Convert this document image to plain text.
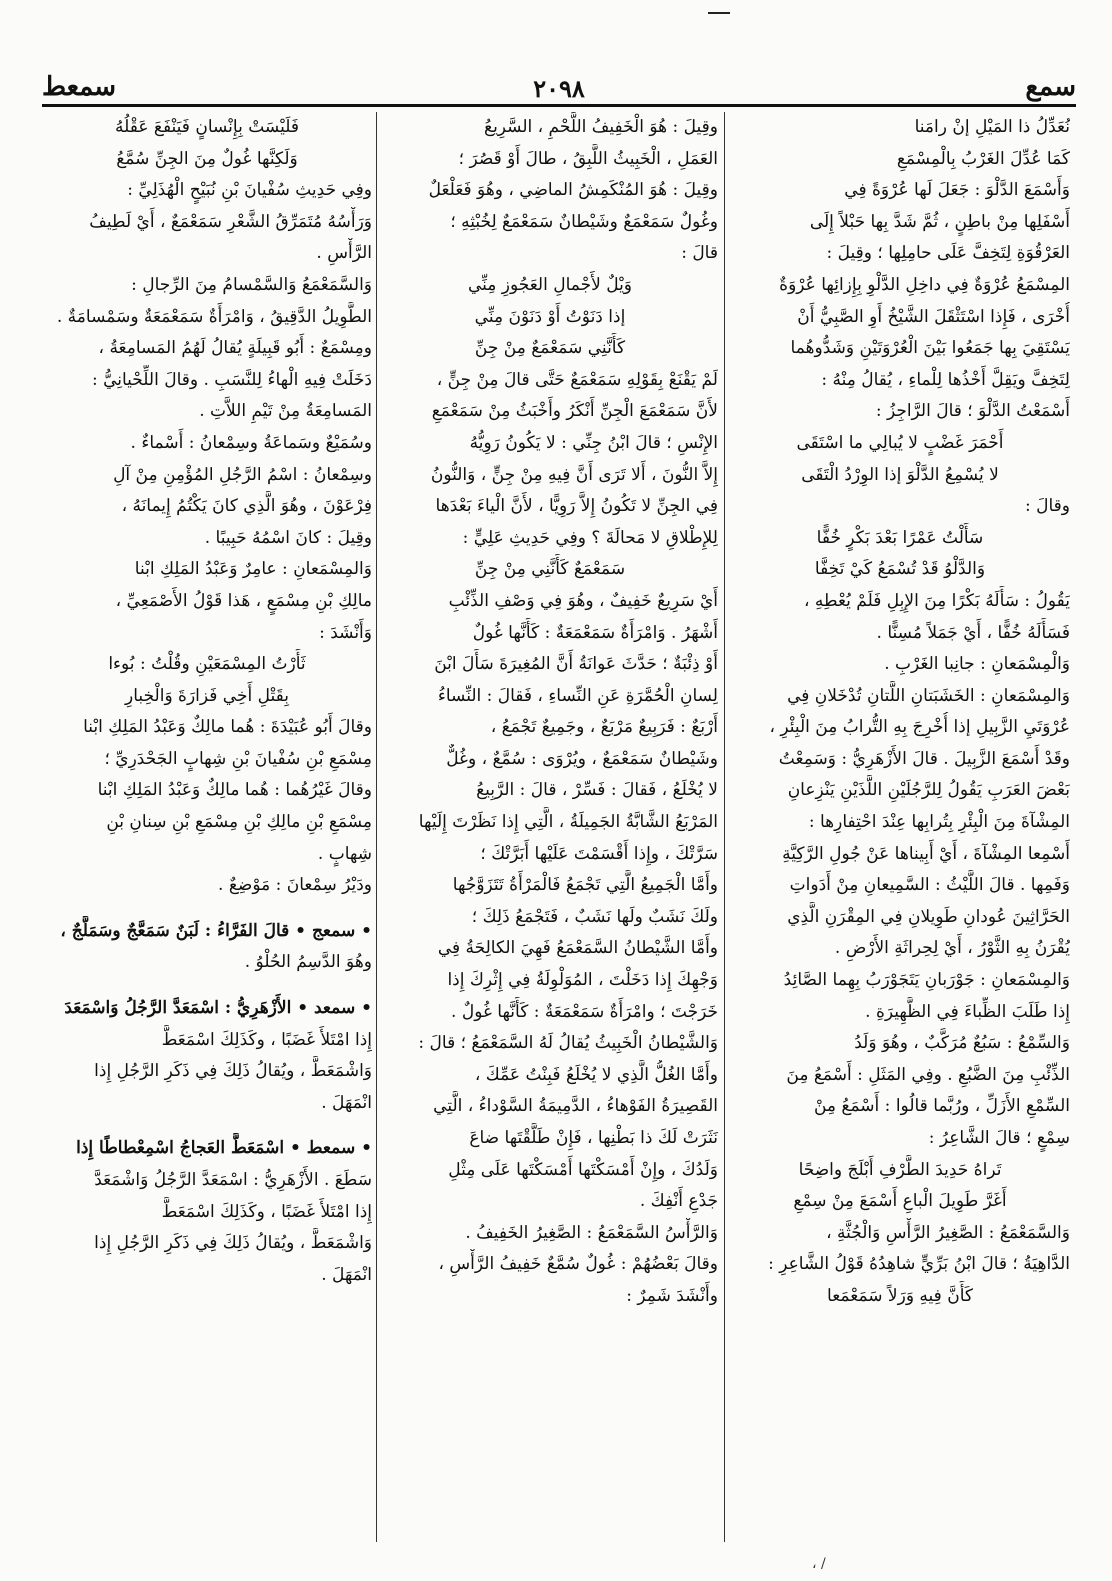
سمع
٢٠٩٨
سمعط
نُعَدِّلُ ذا المَيْلِ إنْ رامَنا
كَمَا عُدِّلَ الغَرْبُ بِالْمِسْمَعِ
وَأَسْمَعَ الدَّلْوَ : جَعَلَ لَها عُرْوَةً فِي
أَسْفَلِها مِنْ باطِنٍ ، ثُمَّ شَدَّ بِها حَبْلاً إِلَى
العَرْقُوَةِ لِتَخِفَّ عَلَى حامِلِها ؛ وقِيلَ :
المِسْمَعُ عُرْوَةٌ فِي داخِلِ الدَّلْوِ بِإِزائِها عُرْوَةٌ
أُخْرَى ، فَإِذا اسْتَثْقَلَ الشَّيْخُ أَوِ الصَّبِيُّ أَنْ
يَسْتَقِيَ بِها جَمَعُوا بَيْنَ الْعُرْوَتَيْنِ وَشَدُّوهُما
لِتَخِفَّ ويَقِلَّ أَخْذُها لِلْماءِ ، يُقالُ مِنْهُ :
أَسْمَعْتُ الدَّلْوَ ؛ قالَ الرَّاجِزُ :
أَحْمَرَ غَضْبٍ لا يُبالِي ما اسْتَقَى
لا يُسْمِعُ الدَّلْوَ إذا الوِرْدُ الْتَقَى
وقالَ :
سَأَلْتُ عَمْرًا بَعْدَ بَكْرٍ خُفًّا
وَالدَّلْوُ قَدْ تُسْمَعُ كَيْ تَخِفَّا
يَقُولُ : سَأَلَهُ بَكْرًا مِنَ الإِبِلِ فَلَمْ يُعْطِهِ ،
فَسَأَلَهُ خُفًّا ، أَيْ جَمَلاً مُسِنًّا .
وَالْمِسْمَعانِ : جانِبا الغَرْبِ .
وَالمِسْمَعانِ : الخَشَبَتانِ اللَّتانِ تُدْخَلانِ فِي
عُرْوَتَيِ الزَّبِيلِ إذا أُخْرِجَ بِهِ التُّرابُ مِنَ الْبِئْرِ ،
وقَدْ أَسْمَعَ الزَّبِيلَ . قالَ الأَزْهَرِيُّ : وَسَمِعْتُ
بَعْضَ العَرَبِ يَقُولُ لِلرَّجُلَيْنِ اللَّذَيْنِ يَنْزِعانِ
المِشْآةَ مِنَ الْبِئْرِ بِتُرابِها عِنْدَ احْتِفارِها :
أَسْمِعا المِشْآةَ ، أَيْ أَبِيناها عَنْ جُولِ الرَّكِيَّةِ
وَفَمِها . قالَ اللَّيْثُ : السَّمِيعانِ مِنْ أَدَواتِ
الحَرَّاثِينَ عُودانِ طَوِيلانِ فِي المِقْرَنِ الَّذِي
يُقْرَنُ بِهِ الثَّوْرُ ، أَيْ لِحِراثَةِ الأَرْضِ .
وَالمِسْمَعانِ : جَوْرَبانِ يَتَجَوْرَبُ بِهِما الصَّائِدُ
إِذا طَلَبَ الظِّباءَ فِي الظَّهِيرَةِ .
وَالسِّمْعُ : سَبُعٌ مُرَكَّبٌ ، وهُوَ وَلَدُ
الذِّئْبِ مِنَ الضَّبُعِ . وفِي المَثَلِ : أَسْمَعُ مِنَ
السِّمْعِ الأَزَلِّ ، ورُبَّما قالُوا : أَسْمَعُ مِنْ
سِمْعٍ ؛ قالَ الشَّاعِرُ :
تَراهُ حَدِيدَ الطَّرْفِ أَبْلَجَ واضِحًا
أَغَرَّ طَوِيلَ الْباعِ أَسْمَعَ مِنْ سِمْعِ
وَالسَّمَعْمَعُ : الصَّغِيرُ الرَّأْسِ وَالْجُثَّةِ ،
الدَّاهِيَةُ ؛ قالَ ابْنُ بَرِّيٍّ شاهِدُهُ قَوْلُ الشَّاعِرِ :
كَأَنَّ فِيهِ وَرَلاً سَمَعْمَعا
وقِيلَ : هُوَ الْخَفِيفُ اللَّحْمِ ، السَّرِيعُ
العَمَلِ ، الْخَبِيثُ اللَّبِقُ ، طالَ أَوْ قَصُرَ ؛
وقِيلَ : هُوَ المُنْكَمِشُ الماضِي ، وهُوَ فَعَلْعَلٌ
وغُولٌ سَمَعْمَعٌ وشَيْطانٌ سَمَعْمَعٌ لِخُبْثِهِ ؛
قالَ :
وَيْلٌ لأَجْمالِ العَجُوزِ مِنِّي
إذا دَنَوْتُ أَوْ دَنَوْنَ مِنِّي
كَأَنَّنِي سَمَعْمَعٌ مِنْ جِنِّ
لَمْ يَقْنَعْ بِقَوْلِهِ سَمَعْمَعٌ حَتَّى قالَ مِنْ جِنٍّ ،
لأَنَّ سَمَعْمَعَ الْجِنِّ أَنْكَرُ وأَخْبَثُ مِنْ سَمَعْمَعِ
الإِنْسِ ؛ قالَ ابْنُ جِنِّي : لا يَكُونُ رَوِيُّهُ
إِلاَّ النُّونَ ، أَلا تَرَى أَنَّ فِيهِ مِنْ جِنٍّ ، وَالنُّونُ
فِي الجِنِّ لا تَكُونُ إِلاَّ رَوِيًّا ، لأَنَّ الْياءَ بَعْدَها
لِلإِطْلاقِ لا مَحالَةَ ؟ وفِي حَدِيثِ عَلِيٍّ :
سَمَعْمَعٌ كَأَنَّنِي مِنْ جِنِّ
أَيْ سَرِيعٌ خَفِيفٌ ، وهُوَ فِي وَصْفِ الذِّئْبِ
أَشْهَرُ . وَامْرَأَةٌ سَمَعْمَعَةٌ : كَأَنَّها غُولٌ
أَوْ ذِئْبَةٌ ؛ حَدَّثَ عَوانَةُ أَنَّ المُغِيرَةَ سَأَلَ ابْنَ
لِسانِ الْحُمَّرَةِ عَنِ النِّساءِ ، فَقالَ : النِّساءُ
أَرْبَعٌ : فَرَبِيعٌ مَرْبَعٌ ، وجَمِيعٌ تَجْمَعُ ،
وشَيْطانٌ سَمَعْمَعٌ ، ويُرْوَى : سُمَّعٌ ، وغُلٌّ
لا يُخْلَعُ ، فَقالَ : فَسِّرْ ، قالَ : الرَّبِيعُ
المَرْبَعُ الشَّابَّةُ الجَمِيلَةُ ، الَّتِي إِذا نَظَرْتَ إِلَيْها
سَرَّتْكَ ، وإِذا أَقْسَمْتَ عَلَيْها أَبَرَّتْكَ ؛
وأَمَّا الْجَمِيعُ الَّتِي تَجْمَعُ فَالْمَرْأَةُ تَتَزَوَّجُها
ولَكَ نَشَبٌ ولَها نَشَبٌ ، فَتَجْمَعُ ذَلِكَ ؛
وأَمَّا الشَّيْطانُ السَّمَعْمَعُ فَهِيَ الكالِحَةُ فِي
وَجْهِكَ إِذا دَخَلْتَ ، المُوَلْوِلَةُ فِي إِثْرِكَ إِذا
خَرَجْتَ ؛ وامْرَأَةٌ سَمَعْمَعَةٌ : كَأَنَّها غُولٌ .
وَالشَّيْطانُ الْخَبِيثُ يُقالُ لَهُ السَّمَعْمَعُ ؛ قالَ :
وأَمَّا الغُلُّ الَّذِي لا يُخْلَعُ فَبِنْتُ عَمِّكَ ،
القَصِيرَةُ الفَوْهاءُ ، الدَّمِيمَةُ السَّوْداءُ ، الَّتِي
نَثَرَتْ لَكَ ذا بَطْنِها ، فَإِنْ طَلَّقْتَها ضاعَ
وَلَدُكَ ، وإِنْ أَمْسَكْتَها أَمْسَكْتَها عَلَى مِثْلِ
جَدْعِ أَنْفِكَ .
وَالرَّأْسُ السَّمَعْمَعُ : الصَّغِيرُ الخَفِيفُ .
وقالَ بَعْضُهُمْ : غُولٌ سُمَّعٌ خَفِيفُ الرَّأْسِ ،
وأَنْشَدَ شَمِرٌ :
فَلَيْسَتْ بِإِنْسانٍ فَيَنْفَعَ عَقْلُهُ
وَلَكِنَّها غُولٌ مِنَ الجِنِّ سُمَّعُ
وفِي حَدِيثِ سُفْيانَ بْنِ نُبَيْحٍ الْهُذَلِيِّ :
وَرَأْسُهُ مُتَمَرِّقُ الشَّعْرِ سَمَعْمَعٌ ، أَيْ لَطِيفُ
الرَّأْسِ .
وَالسَّمَعْمَعُ وَالسَّمْسامُ مِنَ الرِّجالِ :
الطَّوِيلُ الدَّقِيقُ ، وَامْرَأَةٌ سَمَعْمَعَةٌ وسَمْسامَةٌ .
ومِسْمَعٌ : أَبُو قَبِيلَةٍ يُقالُ لَهُمُ المَسامِعَةُ ،
دَخَلَتْ فِيهِ الْهاءُ لِلنَّسَبِ . وقالَ اللِّحْيانِيُّ :
المَسامِعَةُ مِنْ تَيْمِ اللاَّتِ .
وسُمَيْعٌ وسَماعَةُ وسِمْعانُ : أَسْماءٌ .
وسِمْعانُ : اسْمُ الرَّجُلِ المُؤْمِنِ مِنْ آلِ
فِرْعَوْنَ ، وهُوَ الَّذِي كانَ يَكْتُمُ إِيمانَهُ ،
وقِيلَ : كانَ اسْمُهُ حَبِيبًا .
وَالمِسْمَعانِ : عامِرٌ وَعَبْدُ المَلِكِ ابْنا
مالِكِ بْنِ مِسْمَعٍ ، هَذا قَوْلُ الأَصْمَعِيِّ ،
وَأَنْشَدَ :
ثَأَرْتُ المِسْمَعَيْنِ وقُلْتُ : بُوءا
بِقَتْلِ أَخِي فَزارَةَ وَالْخِبارِ
وقالَ أَبُو عُبَيْدَةَ : هُما مالِكٌ وَعَبْدُ المَلِكِ ابْنا
مِسْمَعِ بْنِ سُفْيانَ بْنِ شِهابٍ الجَحْدَرِيِّ ؛
وقالَ غَيْرُهُما : هُما مالِكٌ وَعَبْدُ المَلِكِ ابْنا
مِسْمَعِ بْنِ مالِكِ بْنِ مِسْمَعِ بْنِ سِنانِ بْنِ
شِهابٍ .
ودَيْرُ سِمْعانَ : مَوْضِعٌ .
• سمعج • قالَ الفَرَّاءُ : لَبَنٌ سَمَعَّجٌ وسَمَلَّجٌ ،
وهُوَ الدَّسِمُ الحُلْوُ .
• سمعد • الأَزْهَرِيُّ : اسْمَعَدَّ الرَّجُلُ وَاسْمَعَدَ
إِذا امْتَلأَ غَضَبًا ، وكَذَلِكَ اسْمَعَطَّ
وَاشْمَعَطَّ ، ويُقالُ ذَلِكَ فِي ذَكَرِ الرَّجُلِ إِذا
انْمَهَلَ .
• سمعط • اسْمَعَطَّ العَجاجُ اسْمِعْطاطًا إِذا
سَطَعَ . الأَزْهَرِيُّ : اسْمَعَدَّ الرَّجُلُ وَاشْمَعَدَّ
إِذا امْتَلأَ غَضَبًا ، وكَذَلِكَ اسْمَعَطَّ
وَاشْمَعَطَّ ، ويُقالُ ذَلِكَ فِي ذَكَرِ الرَّجُلِ إِذا
انْمَهَلَ .
، /
